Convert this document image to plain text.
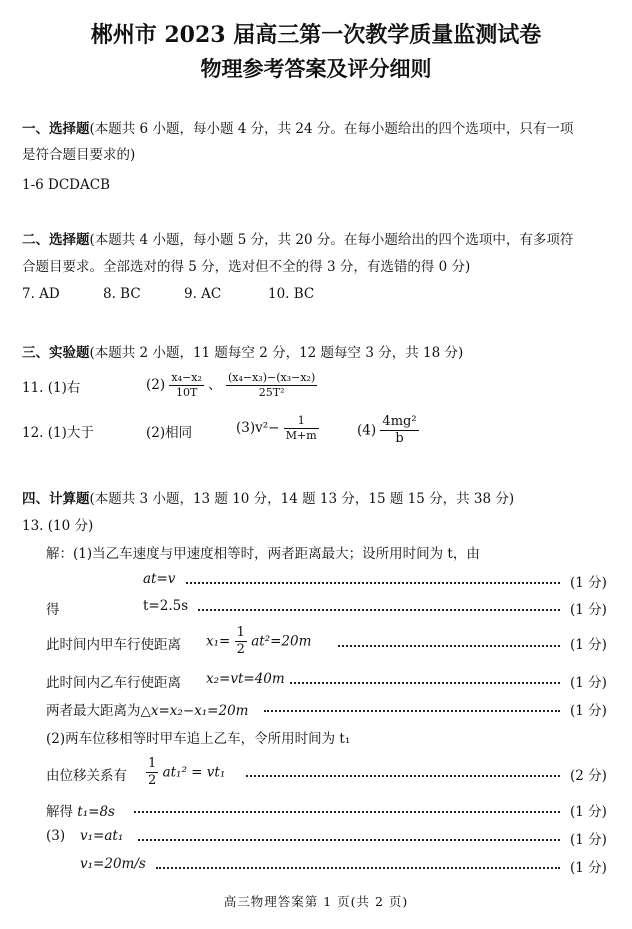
郴州市 2023 届高三第一次教学质量监测试卷
物理参考答案及评分细则
一、选择题(本题共 6 小题，每小题 4 分，共 24 分。在每小题给出的四个选项中，只有一项
是符合题目要求的)
1-6 DCDACB
二、选择题(本题共 4 小题，每小题 5 分，共 20 分。在每小题给出的四个选项中，有多项符
合题目要求。全部选对的得 5 分，选对但不全的得 3 分，有选错的得 0 分)
7. AD	8. BC	9. AC	10. BC
三、实验题(本题共 2 小题，11 题每空 2 分，12 题每空 3 分，共 18 分)
11. (1)右	$(2) \frac{\text{x₄−x₂}}{10T}$ 、 $\frac{\text{(x₄−x₃)−(x₃−x₂)}}{\text{25T²}}$
12. (1)大于	(2)相同	$(3)v^2- \frac{1}{M+m}$	$(4) \frac{\text{4mg²}}{b}$
四、计算题(本题共 3 小题，13 题 10 分，14 题 13 分，15 题 15 分，共 38 分)
13. (10 分)
解：(1)当乙车速度与甲速度相等时，两者距离最大；设所用时间为 t，由
at=v	(1 分)
得	t=2.5s	(1 分)
此时间内甲车行使距离 $x_1= \frac{1}{2} at^2=20m$	(1 分)
此时间内乙车行使距离 x₂=vt=40m	(1 分)
两者最大距离为△x=x₂−x₁=20m	(1 分)
(2)两车位移相等时甲车追上乙车，令所用时间为 t₁
由位移关系有 $\frac{1}{2} at_1^2 = vt_1$	(2 分)
解得 t₁=8s	(1 分)
(3) v₁=at₁	(1 分)
v₁=20m/s	(1 分)
高三物理答案第 1 页(共 2 页)
